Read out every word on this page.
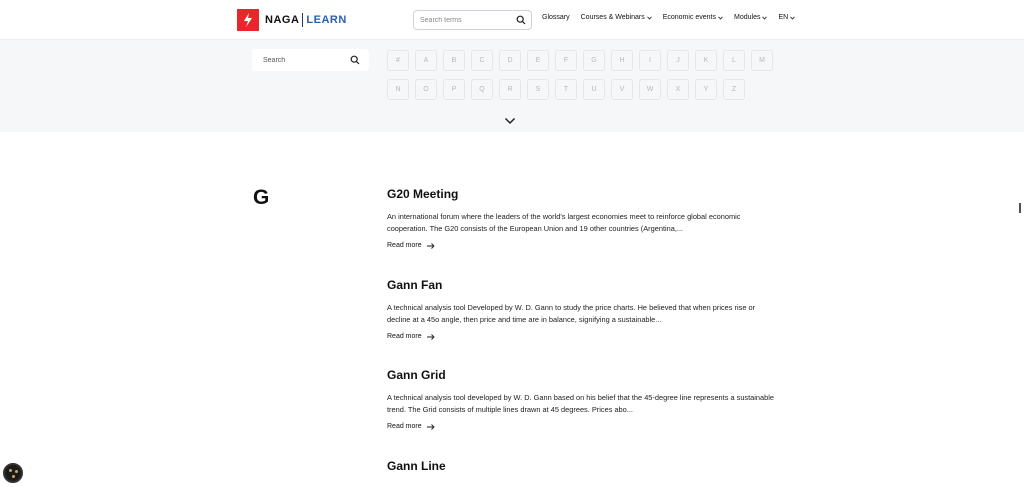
NAGA LEARN
Search terms	Glossary Courses & Webinars	Economic events	Modules	EN
Search
#	A	B	C	D	E	F	G	H	I	J	K	L	M
N	O	P	Q	R	S	T	U	V	W	X	Y	Z
G	G20 Meeting

An international forum where the leaders of the world's largest economies meet to reinforce global economic cooperation. The G20 consists of the European Union and 19 other countries (Argentina,...

Read more
Gann Fan

A technical analysis tool Developed by W. D. Gann to study the price charts. He believed that when prices rise or decline at a 45o angle, then price and time are in balance, signifying a sustainable...

Read more
Gann Grid

A technical analysis tool developed by W. D. Gann based on his belief that the 45-degree line represents a sustainable trend. The Grid consists of multiple lines drawn at 45 degrees. Prices abo...

Read more
Gann Line
